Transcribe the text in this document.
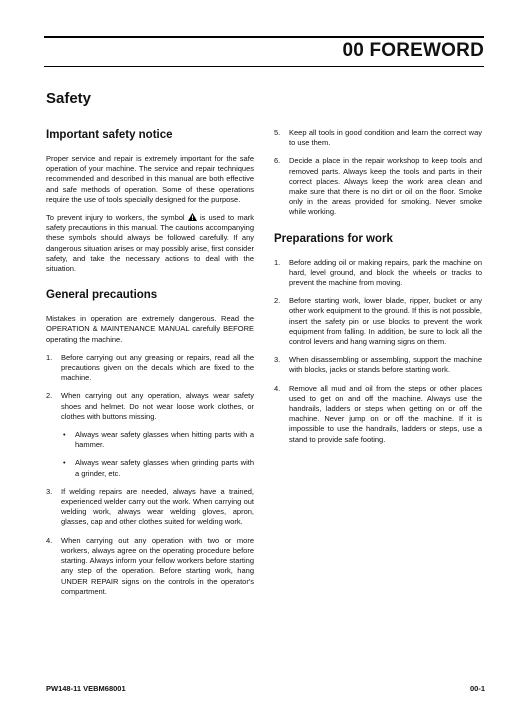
00 FOREWORD
Safety
Important safety notice

Proper service and repair is extremely important for the safe operation of your machine. The service and repair techniques recommended and described in this manual are both effective and safe methods of operation. Some of these operations require the use of tools specially designed for the purpose.

To prevent injury to workers, the symbol is used to mark safety precautions in this manual. The cautions accompanying these symbols should always be followed carefully. If any dangerous situation arises or may possibly arise, first consider safety, and take the necessary actions to deal with the situation.

General precautions

Mistakes in operation are extremely dangerous. Read the OPERATION & MAINTENANCE MANUAL carefully BEFORE operating the machine.

1. Before carrying out any greasing or repairs, read all the precautions given on the decals which are fixed to the machine.
2. When carrying out any operation, always wear safety shoes and helmet. Do not wear loose work clothes, or clothes with buttons missing.
• Always wear safety glasses when hitting parts with a hammer.
• Always wear safety glasses when grinding parts with a grinder, etc.
3. If welding repairs are needed, always have a trained, experienced welder carry out the work. When carrying out welding work, always wear welding gloves, apron, glasses, cap and other clothes suited for welding work.
4. When carrying out any operation with two or more workers, always agree on the operating procedure before starting. Always inform your fellow workers before starting any step of the operation. Before starting work, hang UNDER REPAIR signs on the controls in the operator's compartment.
5. Keep all tools in good condition and learn the correct way to use them.
6. Decide a place in the repair workshop to keep tools and removed parts. Always keep the tools and parts in their correct places. Always keep the work area clean and make sure that there is no dirt or oil on the floor. Smoke only in the areas provided for smoking. Never smoke while working.
Preparations for work
1. Before adding oil or making repairs, park the machine on hard, level ground, and block the wheels or tracks to prevent the machine from moving.
2. Before starting work, lower blade, ripper, bucket or any other work equipment to the ground. If this is not possible, insert the safety pin or use blocks to prevent the work equipment from falling. In addition, be sure to lock all the control levers and hang warning signs on them.
3. When disassembling or assembling, support the machine with blocks, jacks or stands before starting work.
4. Remove all mud and oil from the steps or other places used to get on and off the machine. Always use the handrails, ladders or steps when getting on or off the machine. Never jump on or off the machine. If it is impossible to use the handrails, ladders or steps, use a stand to provide safe footing.
PW148-11 VEBM68001	00-1
